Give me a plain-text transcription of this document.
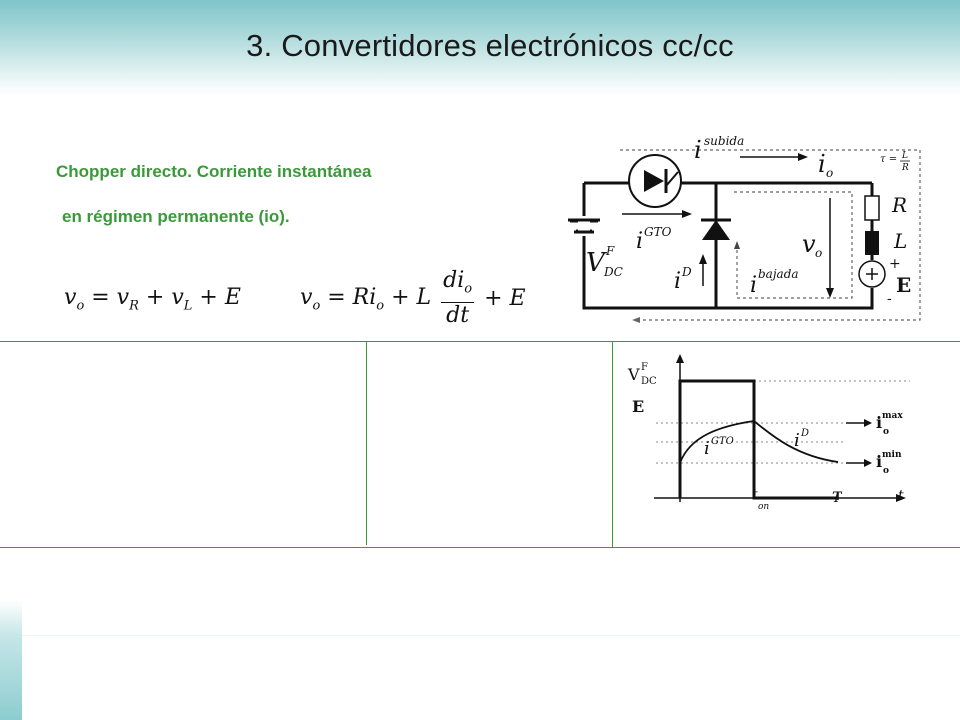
3. Convertidores electrónicos cc/cc
Chopper directo. Corriente instantánea
en régimen permanente (io).
$v_o = v_R + v_L + E$	$v_o = Ri_o + L \frac{di_o}{dt} + E$
i subida
i o
τ = L
R
R
L
+
E
-
v o
i GTO
i D
i bajada
V F
DC
V F
DC
E
i GTO	i D
i max
o
i min
o
t
on
T	t
